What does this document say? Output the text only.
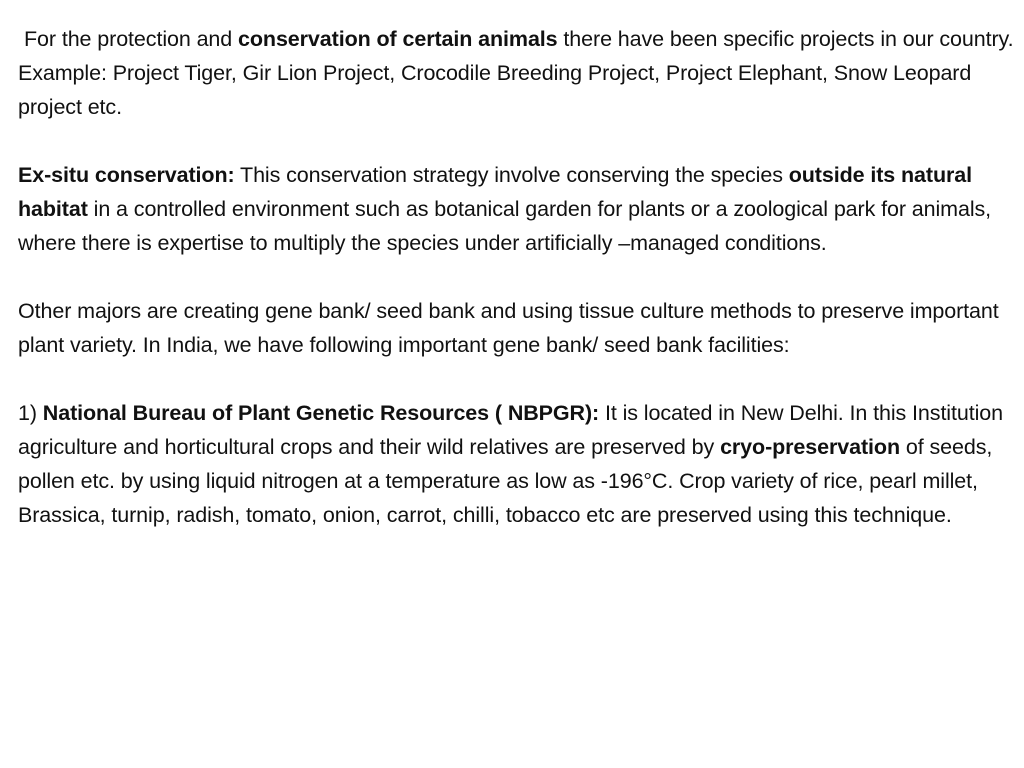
For the protection and conservation of certain animals there have been specific projects in our country. Example: Project Tiger, Gir Lion Project, Crocodile Breeding Project, Project Elephant, Snow Leopard project etc.

Ex-situ conservation: This conservation strategy involve conserving the species outside its natural habitat in a controlled environment such as botanical garden for plants or a zoological park for animals, where there is expertise to multiply the species under artificially –managed conditions.

Other majors are creating gene bank/ seed bank and using tissue culture methods to preserve important plant variety. In India, we have following important gene bank/ seed bank facilities:

1) National Bureau of Plant Genetic Resources ( NBPGR): It is located in New Delhi. In this Institution agriculture and horticultural crops and their wild relatives are preserved by cryo-preservation of seeds, pollen etc. by using liquid nitrogen at a temperature as low as -196°C. Crop variety of rice, pearl millet, Brassica, turnip, radish, tomato, onion, carrot, chilli, tobacco etc are preserved using this technique.
